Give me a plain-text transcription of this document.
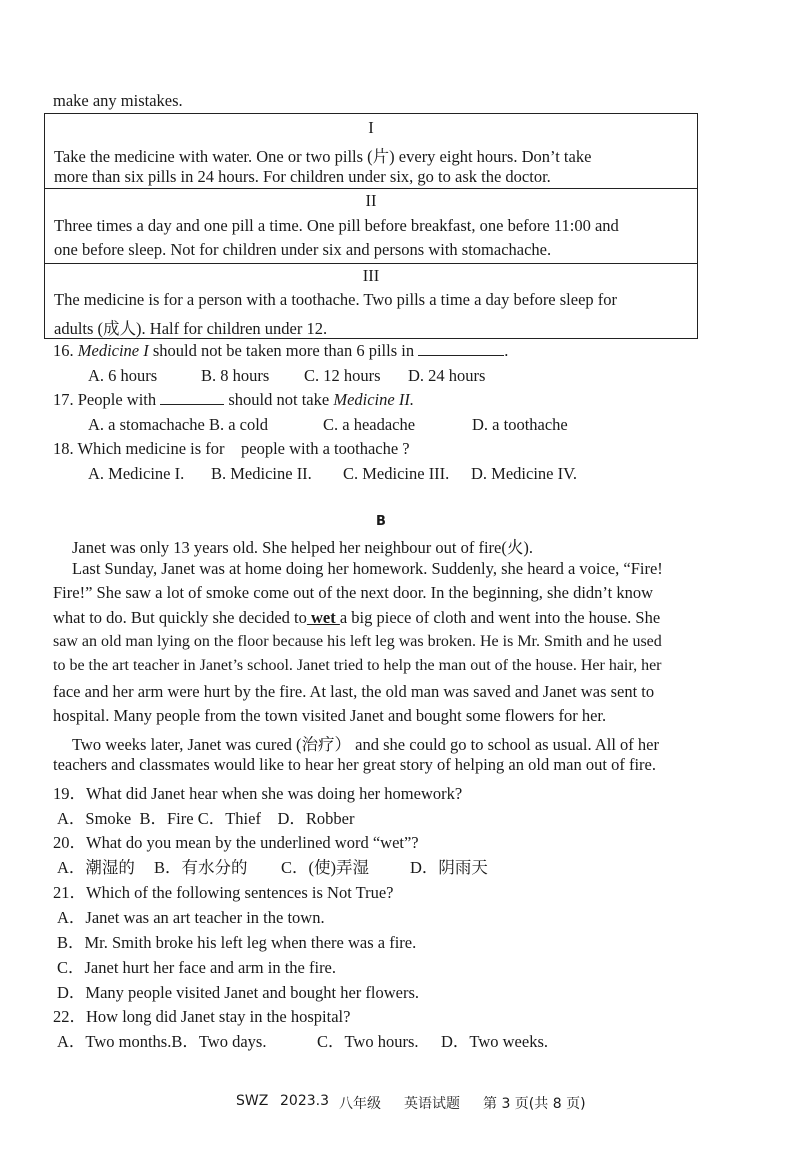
make any mistakes.
I
Take the medicine with water. One or two pills (片) every eight hours. Don’t take
more than six pills in 24 hours. For children under six, go to ask the doctor.
II
Three times a day and one pill a time. One pill before breakfast, one before 11:00 and
one before sleep. Not for children under six and persons with stomachache.
III
The medicine is for a person with a toothache. Two pills a time a day before sleep for
adults (成人). Half for children under 12.
16. Medicine I should not be taken more than 6 pills in	.
A. 6 hours	B. 8 hours C. 12 hours D. 24 hours
17. People with	should not take Medicine II.
A. a stomachache B. a cold	C. a headache	D. a toothache
18. Which medicine is for    people with a toothache ?
A. Medicine I. B. Medicine II. C. Medicine III. D. Medicine IV.
B
Janet was only 13 years old. She helped her neighbour out of fire(火).
Last Sunday, Janet was at home doing her homework. Suddenly, she heard a voice, “Fire!
Fire!” She saw a lot of smoke come out of the next door. In the beginning, she didn’t know
what to do. But quickly she decided to wet a big piece of cloth and went into the house. She
saw an old man lying on the floor because his left leg was broken. He is Mr. Smith and he used
to be the art teacher in Janet’s school. Janet tried to help the man out of the house. Her hair, her
face and her arm were hurt by the fire. At last, the old man was saved and Janet was sent to
hospital. Many people from the town visited Janet and bought some flowers for her.
Two weeks later, Janet was cured (治疗） and she could go to school as usual. All of her
teachers and classmates would like to hear her great story of helping an old man out of fire.
19．What did Janet hear when she was doing her homework?
A．Smoke  B．Fire C．Thief    D．Robber
20．What do you mean by the underlined word “wet”?
A．潮湿的 B．有水分的 C．(使)弄湿 D．阴雨天
21．Which of the following sentences is Not True?
A．Janet was an art teacher in the town.
B．Mr. Smith broke his left leg when there was a fire.
C．Janet hurt her face and arm in the fire.
D．Many people visited Janet and bought her flowers.
22．How long did Janet stay in the hospital?
A．Two months.B．Two days.	C．Two hours. D．Two weeks.
SWZ 2023.3 八年级 英语试题 第 3 页(共 8 页)
